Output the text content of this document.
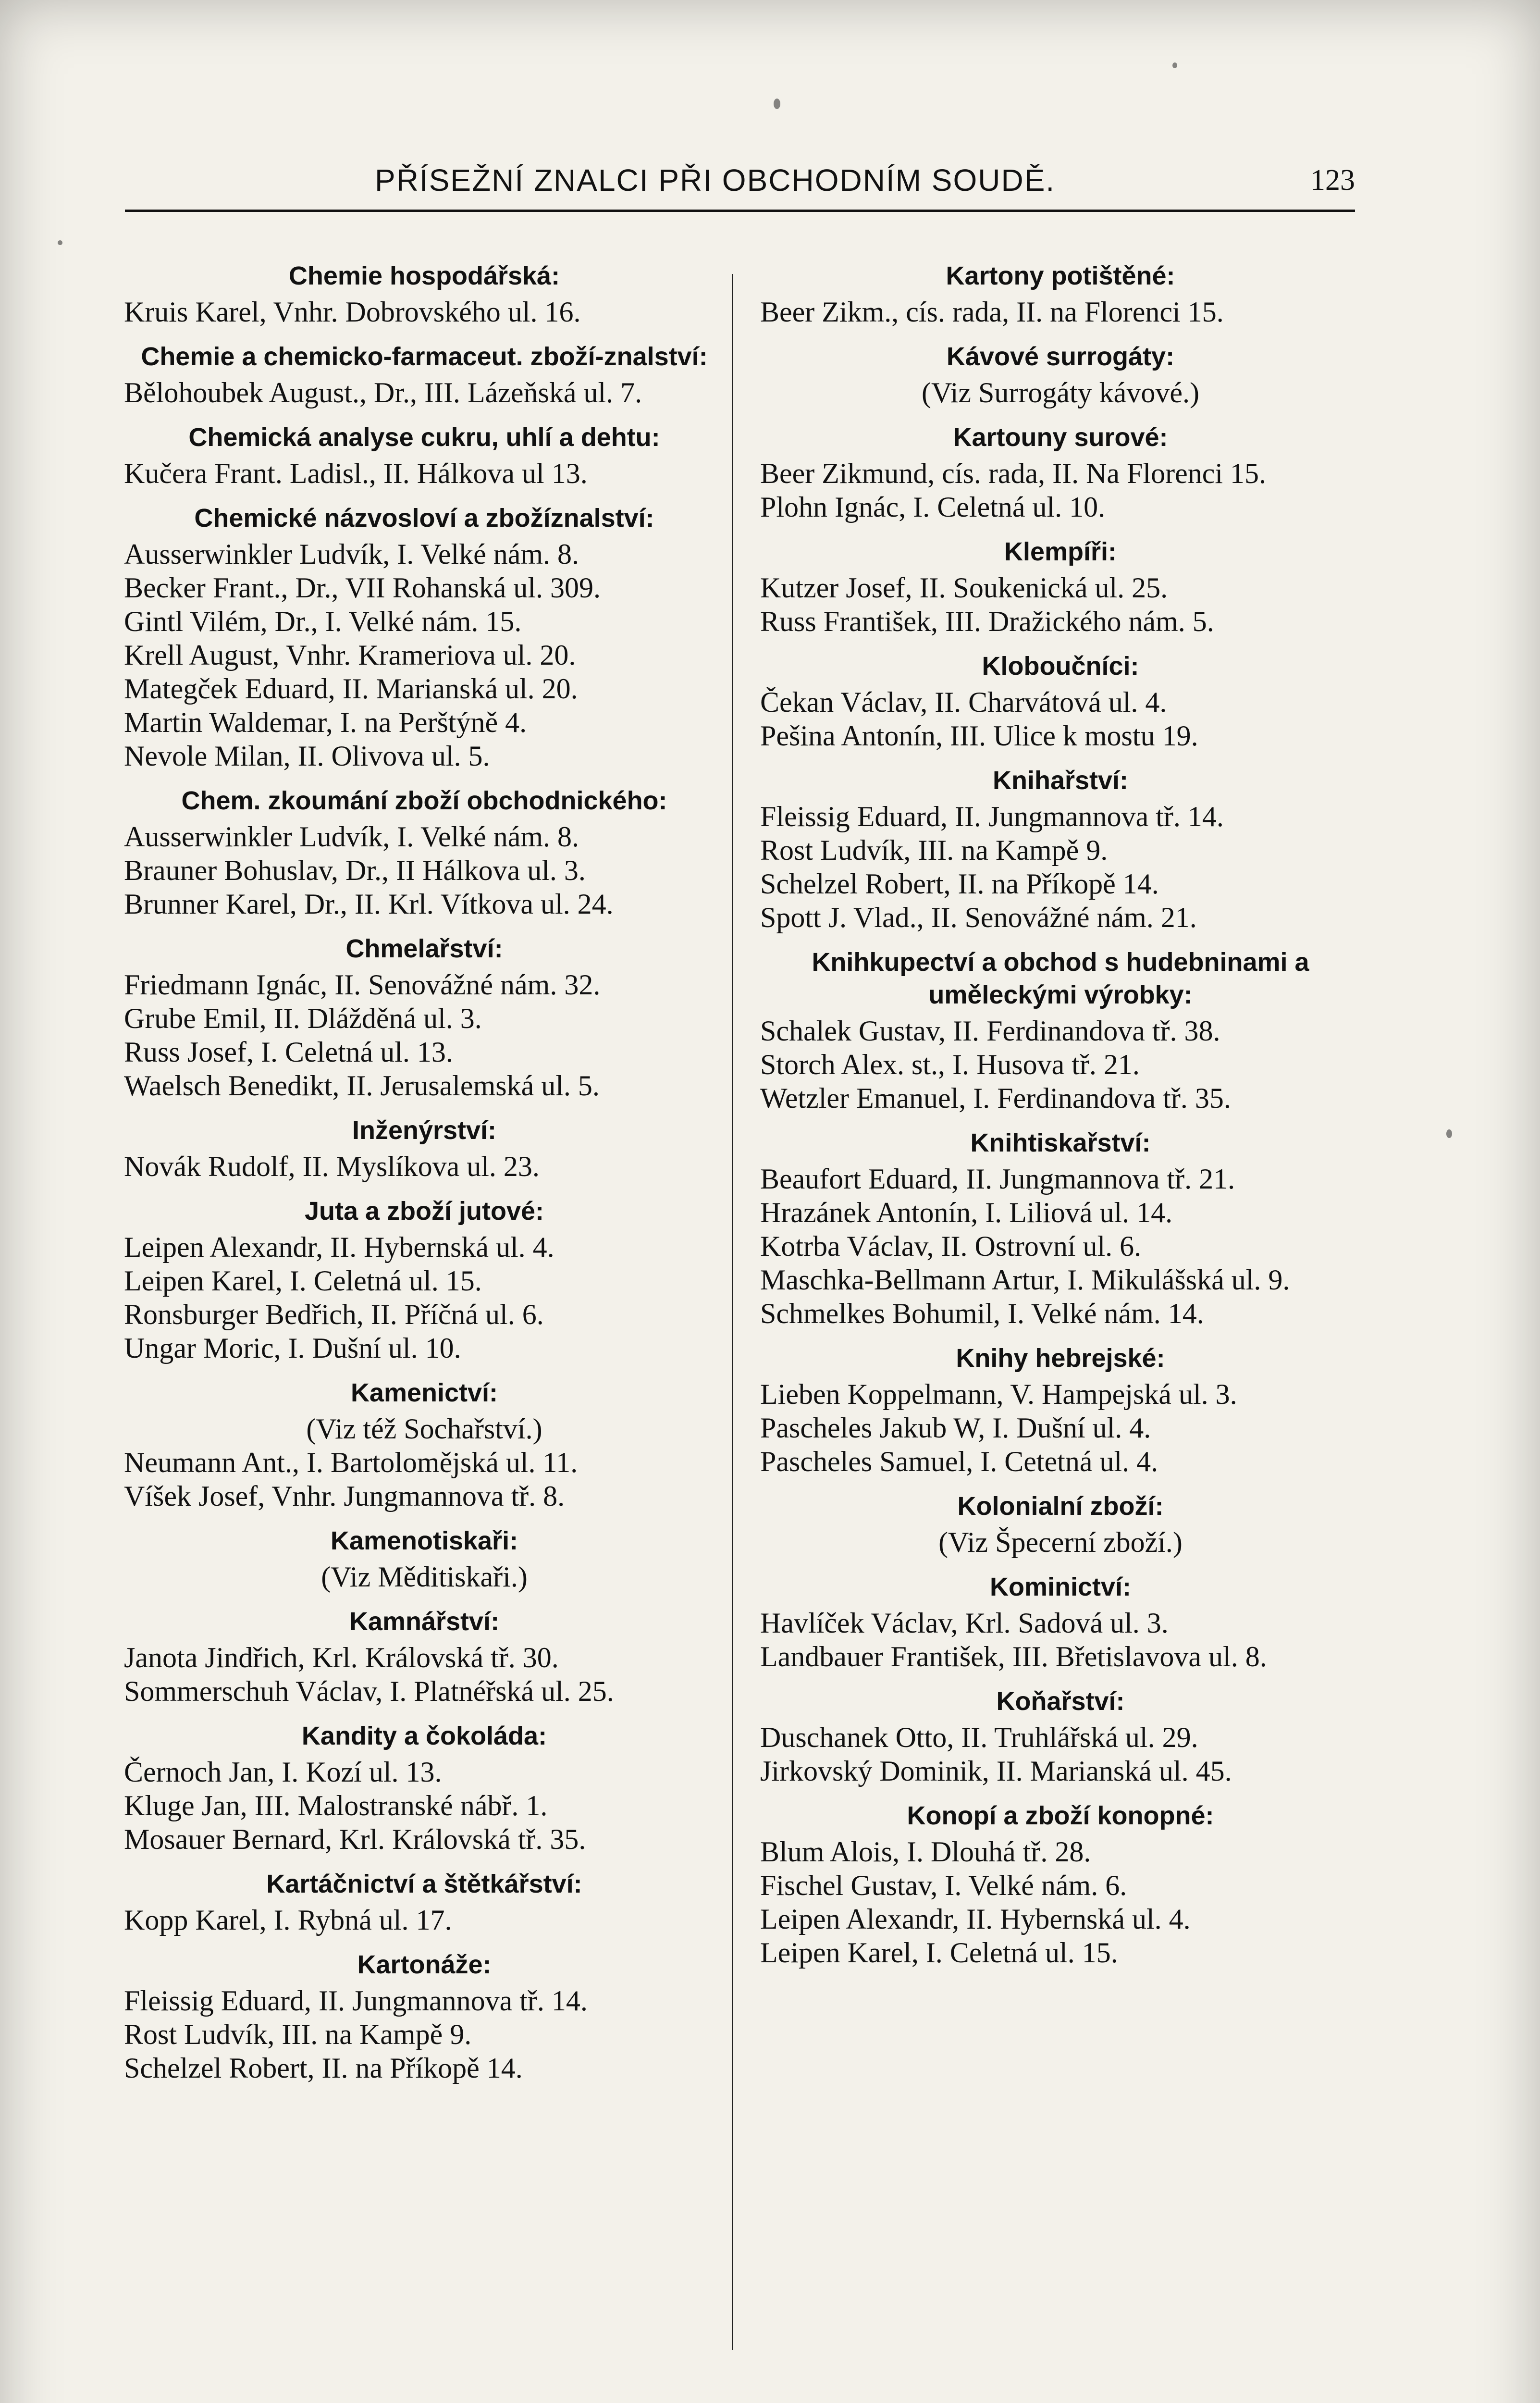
PŘÍSEŽNÍ ZNALCI PŘI OBCHODNÍM SOUDĚ.	123
Chemie hospodářská:
Kruis Karel, Vnhr. Dobrovského ul. 16.
Chemie a chemicko-farmaceut. zboží-znalství:
Bělohoubek August., Dr., III. Lázeňská ul. 7.
Chemická analyse cukru, uhlí a dehtu:
Kučera Frant. Ladisl., II. Hálkova ul 13.
Chemické názvosloví a zbožíznalství:
Ausserwinkler Ludvík, I. Velké nám. 8.
Becker Frant., Dr., VII Rohanská ul. 309.
Gintl Vilém, Dr., I. Velké nám. 15.
Krell August, Vnhr. Krameriova ul. 20.
Mategček Eduard, II. Marianská ul. 20.
Martin Waldemar, I. na Perštýně 4.
Nevole Milan, II. Olivova ul. 5.
Chem. zkoumání zboží obchodnického:
Ausserwinkler Ludvík, I. Velké nám. 8.
Brauner Bohuslav, Dr., II Hálkova ul. 3.
Brunner Karel, Dr., II. Krl. Vítkova ul. 24.
Chmelařství:
Friedmann Ignác, II. Senovážné nám. 32.
Grube Emil, II. Dlážděná ul. 3.
Russ Josef, I. Celetná ul. 13.
Waelsch Benedikt, II. Jerusalemská ul. 5.
Inženýrství:
Novák Rudolf, II. Myslíkova ul. 23.
Juta a zboží jutové:
Leipen Alexandr, II. Hybernská ul. 4.
Leipen Karel, I. Celetná ul. 15.
Ronsburger Bedřich, II. Příčná ul. 6.
Ungar Moric, I. Dušní ul. 10.
Kamenictví:
(Viz též Sochařství.)
Neumann Ant., I. Bartolomějská ul. 11.
Víšek Josef, Vnhr. Jungmannova tř. 8.
Kamenotiskaři:
(Viz Měditiskaři.)
Kamnářství:
Janota Jindřich, Krl. Královská tř. 30.
Sommerschuh Václav, I. Platnéřská ul. 25.
Kandity a čokoláda:
Černoch Jan, I. Kozí ul. 13.
Kluge Jan, III. Malostranské nábř. 1.
Mosauer Bernard, Krl. Královská tř. 35.
Kartáčnictví a štětkářství:
Kopp Karel, I. Rybná ul. 17.
Kartonáže:
Fleissig Eduard, II. Jungmannova tř. 14.
Rost Ludvík, III. na Kampě 9.
Schelzel Robert, II. na Příkopě 14.
Kartony potištěné:
Beer Zikm., cís. rada, II. na Florenci 15.
Kávové surrogáty:
(Viz Surrogáty kávové.)
Kartouny surové:
Beer Zikmund, cís. rada, II. Na Florenci 15.
Plohn Ignác, I. Celetná ul. 10.
Klempíři:
Kutzer Josef, II. Soukenická ul. 25.
Russ František, III. Dražického nám. 5.
Kloboučníci:
Čekan Václav, II. Charvátová ul. 4.
Pešina Antonín, III. Ulice k mostu 19.
Knihařství:
Fleissig Eduard, II. Jungmannova tř. 14.
Rost Ludvík, III. na Kampě 9.
Schelzel Robert, II. na Příkopě 14.
Spott J. Vlad., II. Senovážné nám. 21.
Knihkupectví a obchod s hudebninami a uměleckými výrobky:
Schalek Gustav, II. Ferdinandova tř. 38.
Storch Alex. st., I. Husova tř. 21.
Wetzler Emanuel, I. Ferdinandova tř. 35.
Knihtiskařství:
Beaufort Eduard, II. Jungmannova tř. 21.
Hrazánek Antonín, I. Liliová ul. 14.
Kotrba Václav, II. Ostrovní ul. 6.
Maschka-Bellmann Artur, I. Mikulášská ul. 9.
Schmelkes Bohumil, I. Velké nám. 14.
Knihy hebrejské:
Lieben Koppelmann, V. Hampejská ul. 3.
Pascheles Jakub W, I. Dušní ul. 4.
Pascheles Samuel, I. Cetetná ul. 4.
Kolonialní zboží:
(Viz Špecerní zboží.)
Kominictví:
Havlíček Václav, Krl. Sadová ul. 3.
Landbauer František, III. Břetislavova ul. 8.
Koňařství:
Duschanek Otto, II. Truhlářská ul. 29.
Jirkovský Dominik, II. Marianská ul. 45.
Konopí a zboží konopné:
Blum Alois, I. Dlouhá tř. 28.
Fischel Gustav, I. Velké nám. 6.
Leipen Alexandr, II. Hybernská ul. 4.
Leipen Karel, I. Celetná ul. 15.
